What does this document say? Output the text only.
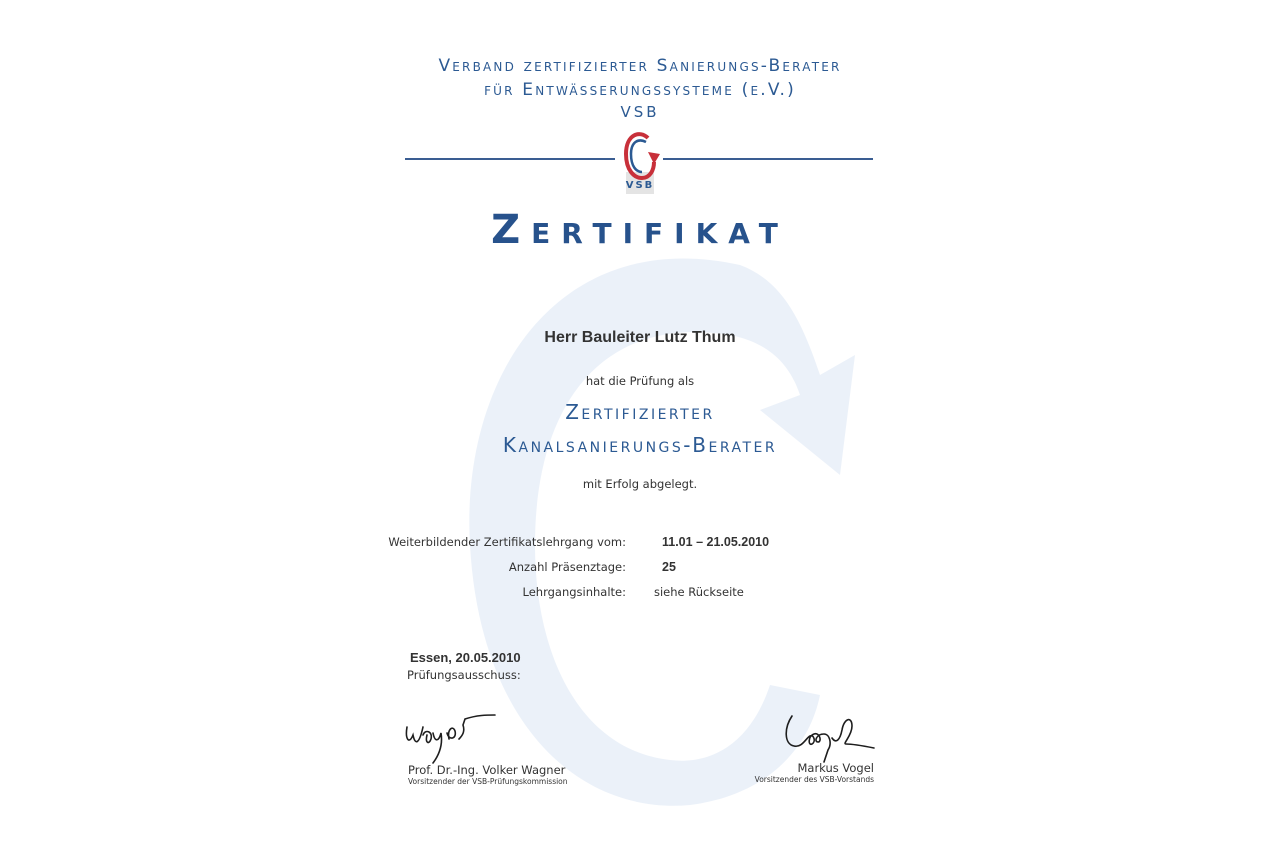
Verband zertifizierter Sanierungs-Berater
für Entwässerungssysteme (e.V.)
VSB
VSB
Zertifikat
Herr Bauleiter Lutz Thum
hat die Prüfung als
Zertifizierter
Kanalsanierungs-Berater
mit Erfolg abgelegt.
Weiterbildender Zertifikatslehrgang vom:	11.01 – 21.05.2010
Anzahl Präsenztage:	25
Lehrgangsinhalte: siehe Rückseite
Essen, 20.05.2010
Prüfungsausschuss:
Prof. Dr.-Ing. Volker Wagner
Vorsitzender der VSB-Prüfungskommission
Markus Vogel
Vorsitzender des VSB-Vorstands
